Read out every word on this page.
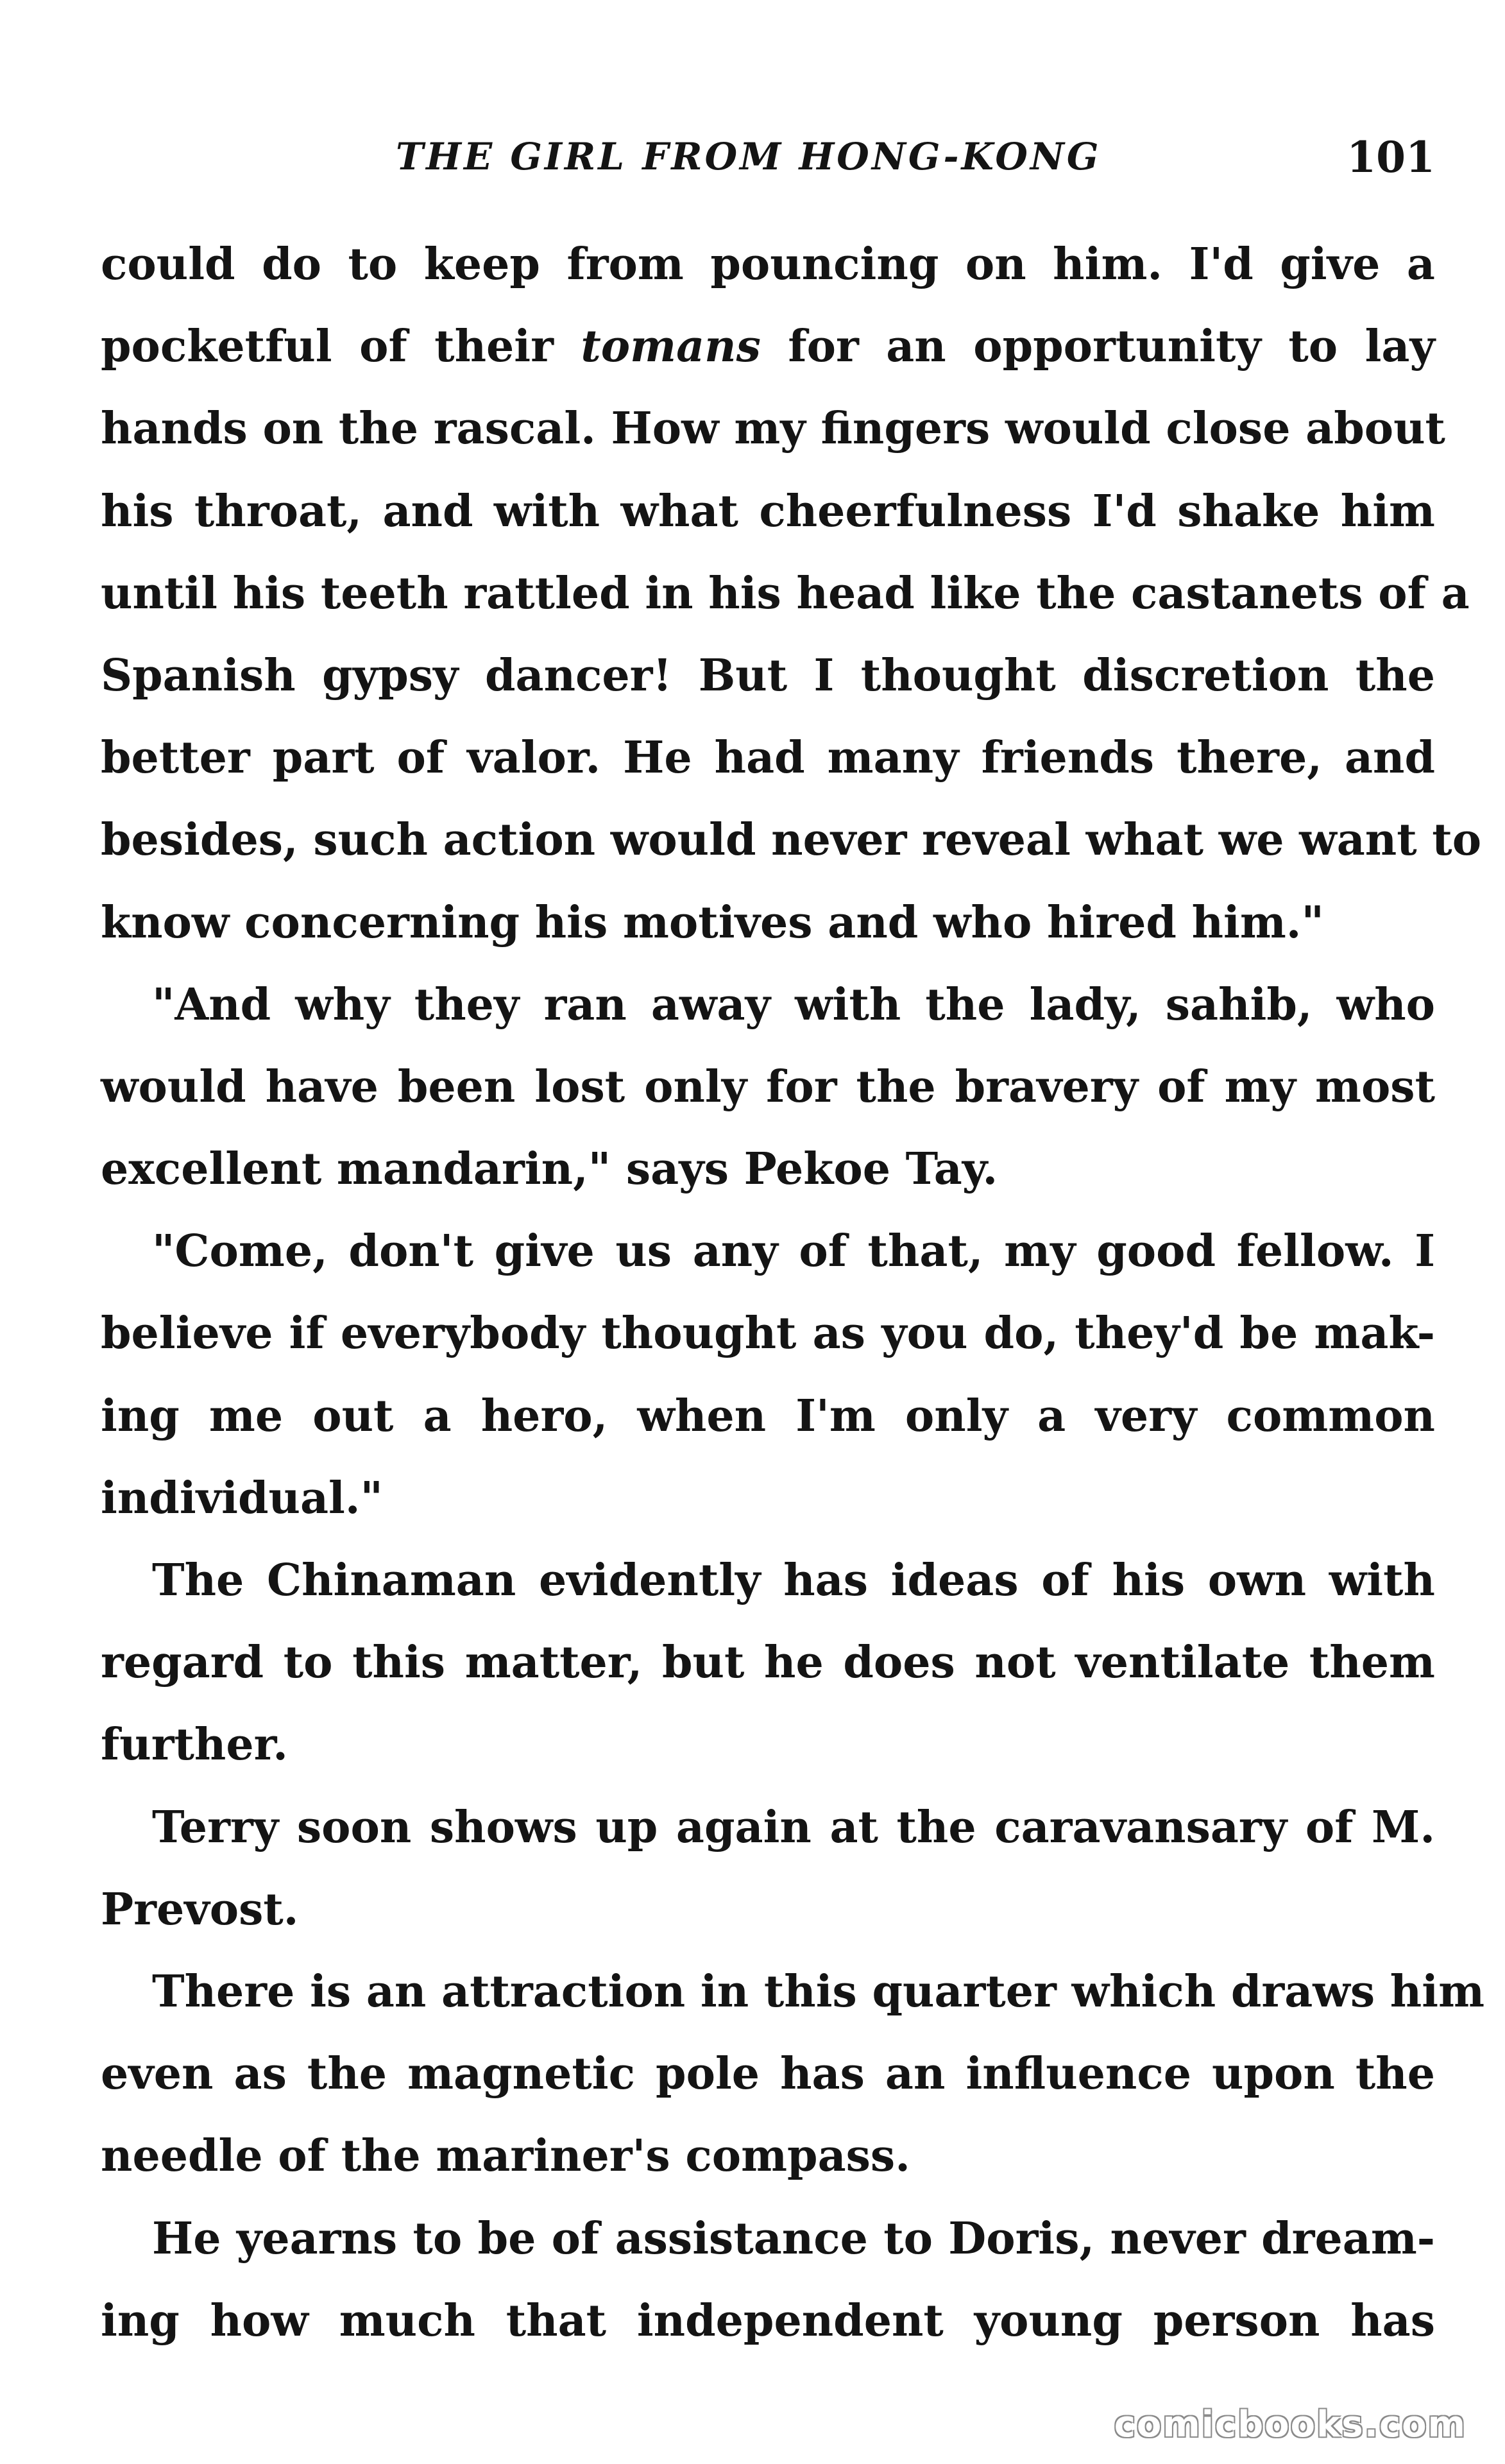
THE GIRL FROM HONG-KONG	101
could do to keep from pouncing on him. I'd give a
pocketful of their tomans for an opportunity to lay
hands on the rascal. How my fingers would close about
his throat, and with what cheerfulness I'd shake him
until his teeth rattled in his head like the castanets of a
Spanish gypsy dancer! But I thought discretion the
better part of valor. He had many friends there, and
besides, such action would never reveal what we want to
know concerning his motives and who hired him."
"And why they ran away with the lady, sahib, who
would have been lost only for the bravery of my most
excellent mandarin," says Pekoe Tay.
"Come, don't give us any of that, my good fellow. I
believe if everybody thought as you do, they'd be mak-
ing me out a hero, when I'm only a very common
individual."
The Chinaman evidently has ideas of his own with
regard to this matter, but he does not ventilate them
further.
Terry soon shows up again at the caravansary of M.
Prevost.
There is an attraction in this quarter which draws him
even as the magnetic pole has an influence upon the
needle of the mariner's compass.
He yearns to be of assistance to Doris, never dream-
ing how much that independent young person has
comicbooks.com
